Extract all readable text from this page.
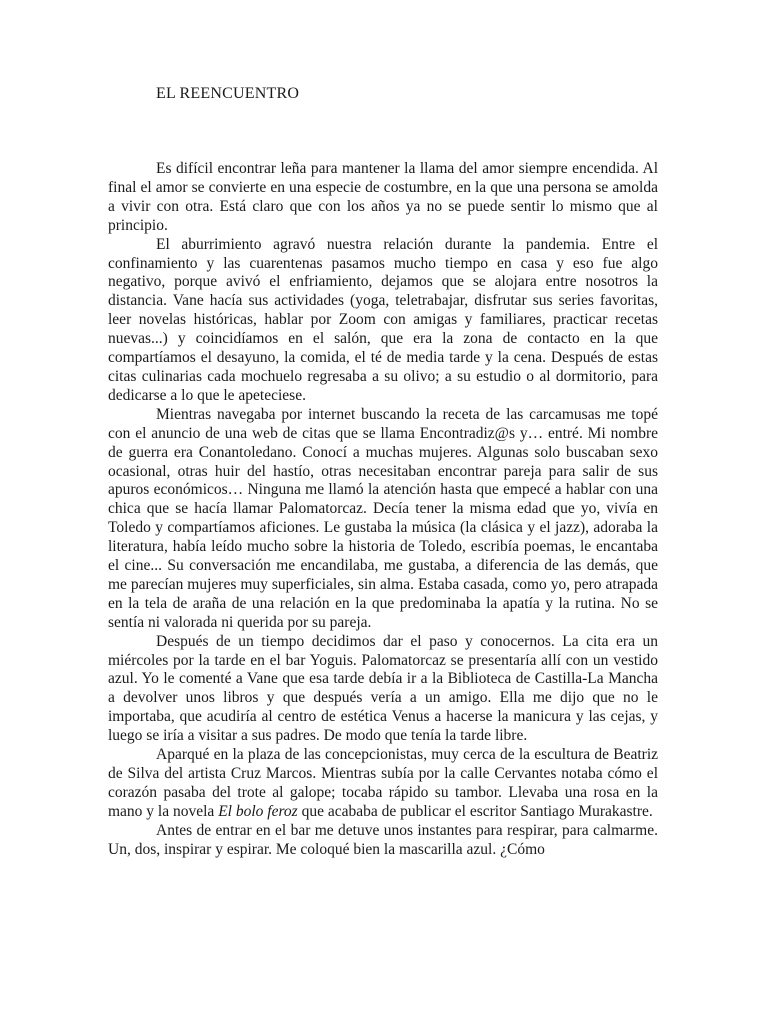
EL REENCUENTRO

Es difícil encontrar leña para mantener la llama del amor siempre encendida. Al final el amor se convierte en una especie de costumbre, en la que una persona se amolda a vivir con otra. Está claro que con los años ya no se puede sentir lo mismo que al principio.

El aburrimiento agravó nuestra relación durante la pandemia. Entre el confinamiento y las cuarentenas pasamos mucho tiempo en casa y eso fue algo negativo, porque avivó el enfriamiento, dejamos que se alojara entre nosotros la distancia. Vane hacía sus actividades (yoga, teletrabajar, disfrutar sus series favoritas, leer novelas históricas, hablar por Zoom con amigas y familiares, practicar recetas nuevas...) y coincidíamos en el salón, que era la zona de contacto en la que compartíamos el desayuno, la comida, el té de media tarde y la cena. Después de estas citas culinarias cada mochuelo regresaba a su olivo; a su estudio o al dormitorio, para dedicarse a lo que le apeteciese.

Mientras navegaba por internet buscando la receta de las carcamusas me topé con el anuncio de una web de citas que se llama Encontradiz@s y… entré. Mi nombre de guerra era Conantoledano. Conocí a muchas mujeres. Algunas solo buscaban sexo ocasional, otras huir del hastío, otras necesitaban encontrar pareja para salir de sus apuros económicos… Ninguna me llamó la atención hasta que empecé a hablar con una chica que se hacía llamar Palomatorcaz. Decía tener la misma edad que yo, vivía en Toledo y compartíamos aficiones. Le gustaba la música (la clásica y el jazz), adoraba la literatura, había leído mucho sobre la historia de Toledo, escribía poemas, le encantaba el cine... Su conversación me encandilaba, me gustaba, a diferencia de las demás, que me parecían mujeres muy superficiales, sin alma. Estaba casada, como yo, pero atrapada en la tela de araña de una relación en la que predominaba la apatía y la rutina. No se sentía ni valorada ni querida por su pareja.

Después de un tiempo decidimos dar el paso y conocernos. La cita era un miércoles por la tarde en el bar Yoguis. Palomatorcaz se presentaría allí con un vestido azul. Yo le comenté a Vane que esa tarde debía ir a la Biblioteca de Castilla-La Mancha a devolver unos libros y que después vería a un amigo. Ella me dijo que no le importaba, que acudiría al centro de estética Venus a hacerse la manicura y las cejas, y luego se iría a visitar a sus padres. De modo que tenía la tarde libre.

Aparqué en la plaza de las concepcionistas, muy cerca de la escultura de Beatriz de Silva del artista Cruz Marcos. Mientras subía por la calle Cervantes notaba cómo el corazón pasaba del trote al galope; tocaba rápido su tambor. Llevaba una rosa en la mano y la novela El bolo feroz que acababa de publicar el escritor Santiago Murakastre.

Antes de entrar en el bar me detuve unos instantes para respirar, para calmarme. Un, dos, inspirar y espirar. Me coloqué bien la mascarilla azul. ¿Cómo
